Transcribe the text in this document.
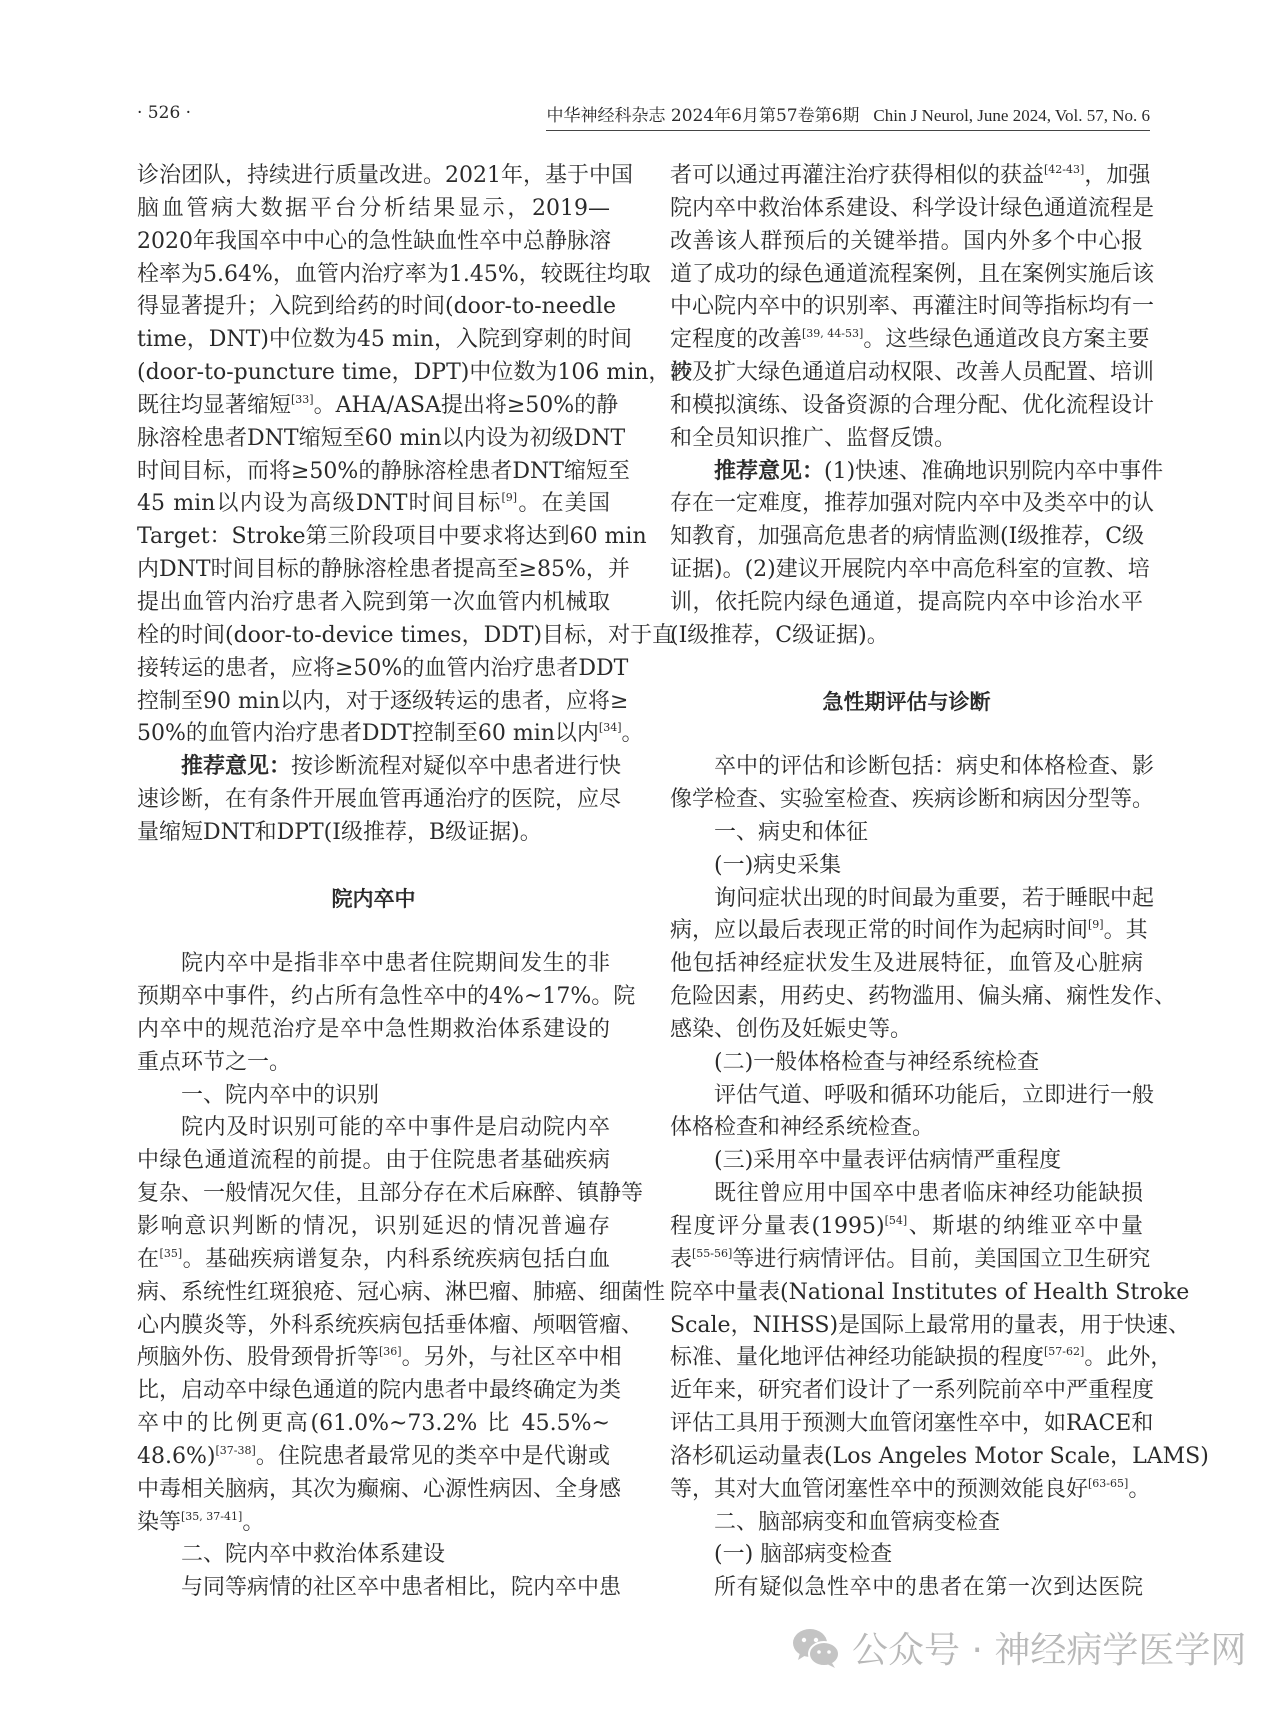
· 526 ·	中华神经科杂志 2024年6月第57卷第6期 Chin J Neurol, June 2024, Vol. 57, No. 6
诊治团队，持续进行质量改进。2021年，基于中国
脑血管病大数据平台分析结果显示，2019—
2020年我国卒中中心的急性缺血性卒中总静脉溶
栓率为5.64%，血管内治疗率为1.45%，较既往均取
得显著提升；入院到给药的时间(door-to-needle
time，DNT)中位数为45 min，入院到穿刺的时间
(door-to-puncture time，DPT)中位数为106 min，较
既往均显著缩短[33]。AHA/ASA提出将≥50%的静
脉溶栓患者DNT缩短至60 min以内设为初级DNT
时间目标，而将≥50%的静脉溶栓患者DNT缩短至
45 min以内设为高级DNT时间目标[9]。在美国
Target：Stroke第三阶段项目中要求将达到60 min
内DNT时间目标的静脉溶栓患者提高至≥85%，并
提出血管内治疗患者入院到第一次血管内机械取
栓的时间(door-to-device times，DDT)目标，对于直
接转运的患者，应将≥50%的血管内治疗患者DDT
控制至90 min以内，对于逐级转运的患者，应将≥
50%的血管内治疗患者DDT控制至60 min以内[34]。
推荐意见：按诊断流程对疑似卒中患者进行快
速诊断，在有条件开展血管再通治疗的医院，应尽
量缩短DNT和DPT(Ⅰ级推荐，B级证据)。
院内卒中
院内卒中是指非卒中患者住院期间发生的非
预期卒中事件，约占所有急性卒中的4%~17%。院
内卒中的规范治疗是卒中急性期救治体系建设的
重点环节之一。
一、院内卒中的识别
院内及时识别可能的卒中事件是启动院内卒
中绿色通道流程的前提。由于住院患者基础疾病
复杂、一般情况欠佳，且部分存在术后麻醉、镇静等
影响意识判断的情况，识别延迟的情况普遍存
在[35]。基础疾病谱复杂，内科系统疾病包括白血
病、系统性红斑狼疮、冠心病、淋巴瘤、肺癌、细菌性
心内膜炎等，外科系统疾病包括垂体瘤、颅咽管瘤、
颅脑外伤、股骨颈骨折等[36]。另外，与社区卒中相
比，启动卒中绿色通道的院内患者中最终确定为类
卒中的比例更高(61.0%~73.2% 比 45.5%~
48.6%)[37-38]。住院患者最常见的类卒中是代谢或
中毒相关脑病，其次为癫痫、心源性病因、全身感
染等[35, 37-41]。
二、院内卒中救治体系建设
与同等病情的社区卒中患者相比，院内卒中患
者可以通过再灌注治疗获得相似的获益[42-43]，加强
院内卒中救治体系建设、科学设计绿色通道流程是
改善该人群预后的关键举措。国内外多个中心报
道了成功的绿色通道流程案例，且在案例实施后该
中心院内卒中的识别率、再灌注时间等指标均有一
定程度的改善[39, 44-53]。这些绿色通道改良方案主要
涉及扩大绿色通道启动权限、改善人员配置、培训
和模拟演练、设备资源的合理分配、优化流程设计
和全员知识推广、监督反馈。
推荐意见：(1)快速、准确地识别院内卒中事件
存在一定难度，推荐加强对院内卒中及类卒中的认
知教育，加强高危患者的病情监测(Ⅰ级推荐，C级
证据)。(2)建议开展院内卒中高危科室的宣教、培
训，依托院内绿色通道，提高院内卒中诊治水平
(Ⅰ级推荐，C级证据)。
急性期评估与诊断
卒中的评估和诊断包括：病史和体格检查、影
像学检查、实验室检查、疾病诊断和病因分型等。
一、病史和体征
(一)病史采集
询问症状出现的时间最为重要，若于睡眠中起
病，应以最后表现正常的时间作为起病时间[9]。其
他包括神经症状发生及进展特征，血管及心脏病
危险因素，用药史、药物滥用、偏头痛、痫性发作、
感染、创伤及妊娠史等。
(二)一般体格检查与神经系统检查
评估气道、呼吸和循环功能后，立即进行一般
体格检查和神经系统检查。
(三)采用卒中量表评估病情严重程度
既往曾应用中国卒中患者临床神经功能缺损
程度评分量表(1995)[54]、斯堪的纳维亚卒中量
表[55-56]等进行病情评估。目前，美国国立卫生研究
院卒中量表(National Institutes of Health Stroke
Scale，NIHSS)是国际上最常用的量表，用于快速、
标准、量化地评估神经功能缺损的程度[57-62]。此外，
近年来，研究者们设计了一系列院前卒中严重程度
评估工具用于预测大血管闭塞性卒中，如RACE和
洛杉矶运动量表(Los Angeles Motor Scale，LAMS)
等，其对大血管闭塞性卒中的预测效能良好[63-65]。
二、脑部病变和血管病变检查
(一) 脑部病变检查
所有疑似急性卒中的患者在第一次到达医院
公众号 · 神经病学医学网
